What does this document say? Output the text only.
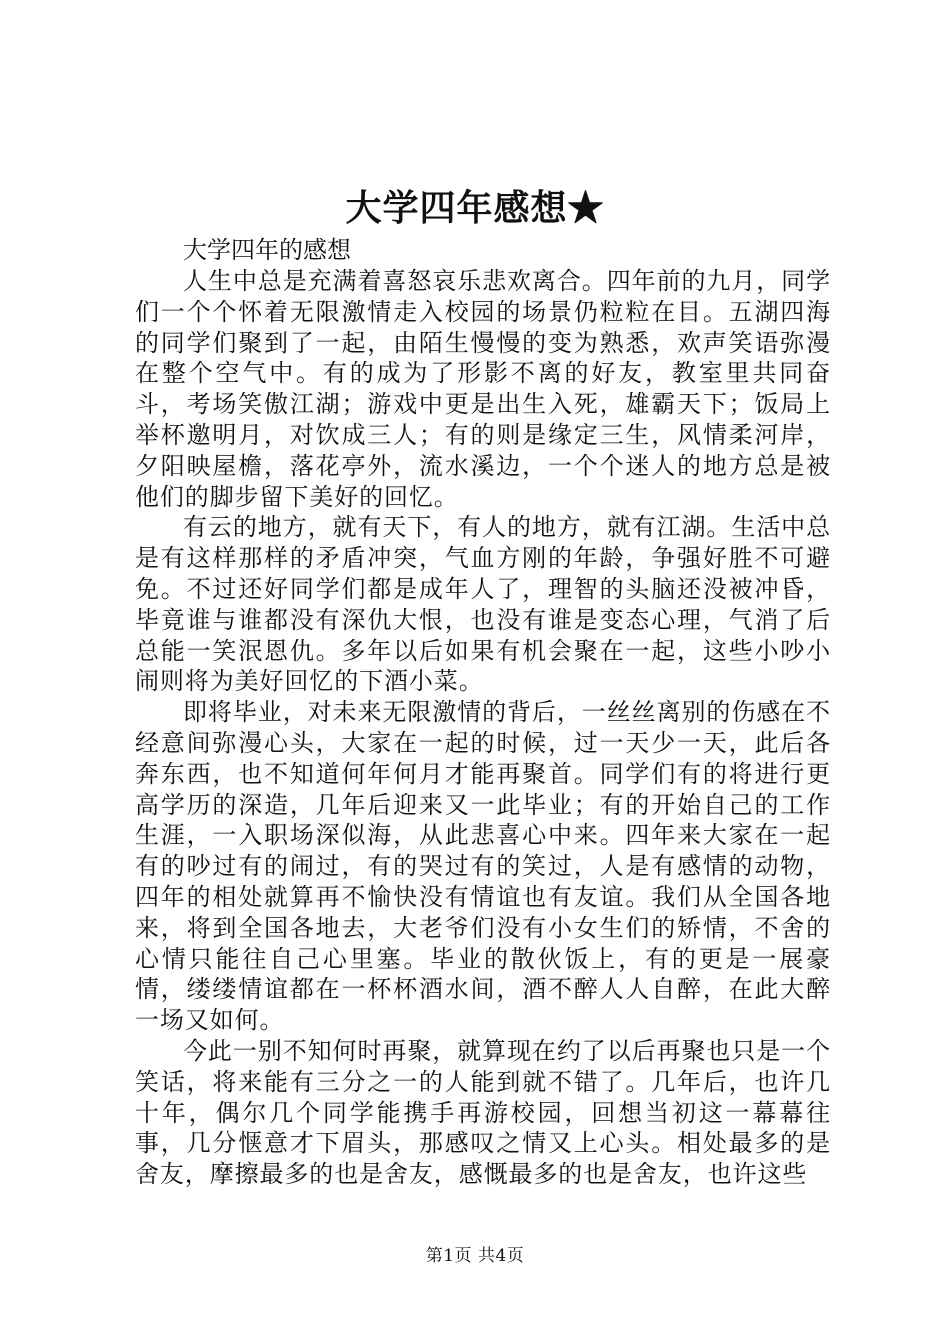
大学四年感想★

大学四年的感想

人生中总是充满着喜怒哀乐悲欢离合。四年前的九月，同学们一个个怀着无限激情走入校园的场景仍粒粒在目。五湖四海的同学们聚到了一起，由陌生慢慢的变为熟悉，欢声笑语弥漫在整个空气中。有的成为了形影不离的好友，教室里共同奋斗，考场笑傲江湖；游戏中更是出生入死，雄霸天下；饭局上举杯邀明月，对饮成三人；有的则是缘定三生，风情柔河岸，夕阳映屋檐，落花亭外，流水溪边，一个个迷人的地方总是被他们的脚步留下美好的回忆。

有云的地方，就有天下，有人的地方，就有江湖。生活中总是有这样那样的矛盾冲突，气血方刚的年龄，争强好胜不可避免。不过还好同学们都是成年人了，理智的头脑还没被冲昏，毕竟谁与谁都没有深仇大恨，也没有谁是变态心理，气消了后总能一笑泯恩仇。多年以后如果有机会聚在一起，这些小吵小闹则将为美好回忆的下酒小菜。

即将毕业，对未来无限激情的背后，一丝丝离别的伤感在不经意间弥漫心头，大家在一起的时候，过一天少一天，此后各奔东西，也不知道何年何月才能再聚首。同学们有的将进行更高学历的深造，几年后迎来又一此毕业；有的开始自己的工作生涯，一入职场深似海，从此悲喜心中来。四年来大家在一起有的吵过有的闹过，有的哭过有的笑过，人是有感情的动物，四年的相处就算再不愉快没有情谊也有友谊。我们从全国各地来，将到全国各地去，大老爷们没有小女生们的矫情，不舍的心情只能往自己心里塞。毕业的散伙饭上，有的更是一展豪情，缕缕情谊都在一杯杯酒水间，酒不醉人人自醉，在此大醉一场又如何。

今此一别不知何时再聚，就算现在约了以后再聚也只是一个笑话，将来能有三分之一的人能到就不错了。几年后，也许几十年，偶尔几个同学能携手再游校园，回想当初这一幕幕往事，几分惬意才下眉头，那感叹之情又上心头。相处最多的是舍友，摩擦最多的也是舍友，感慨最多的也是舍友，也许这些

第1页 共4页
